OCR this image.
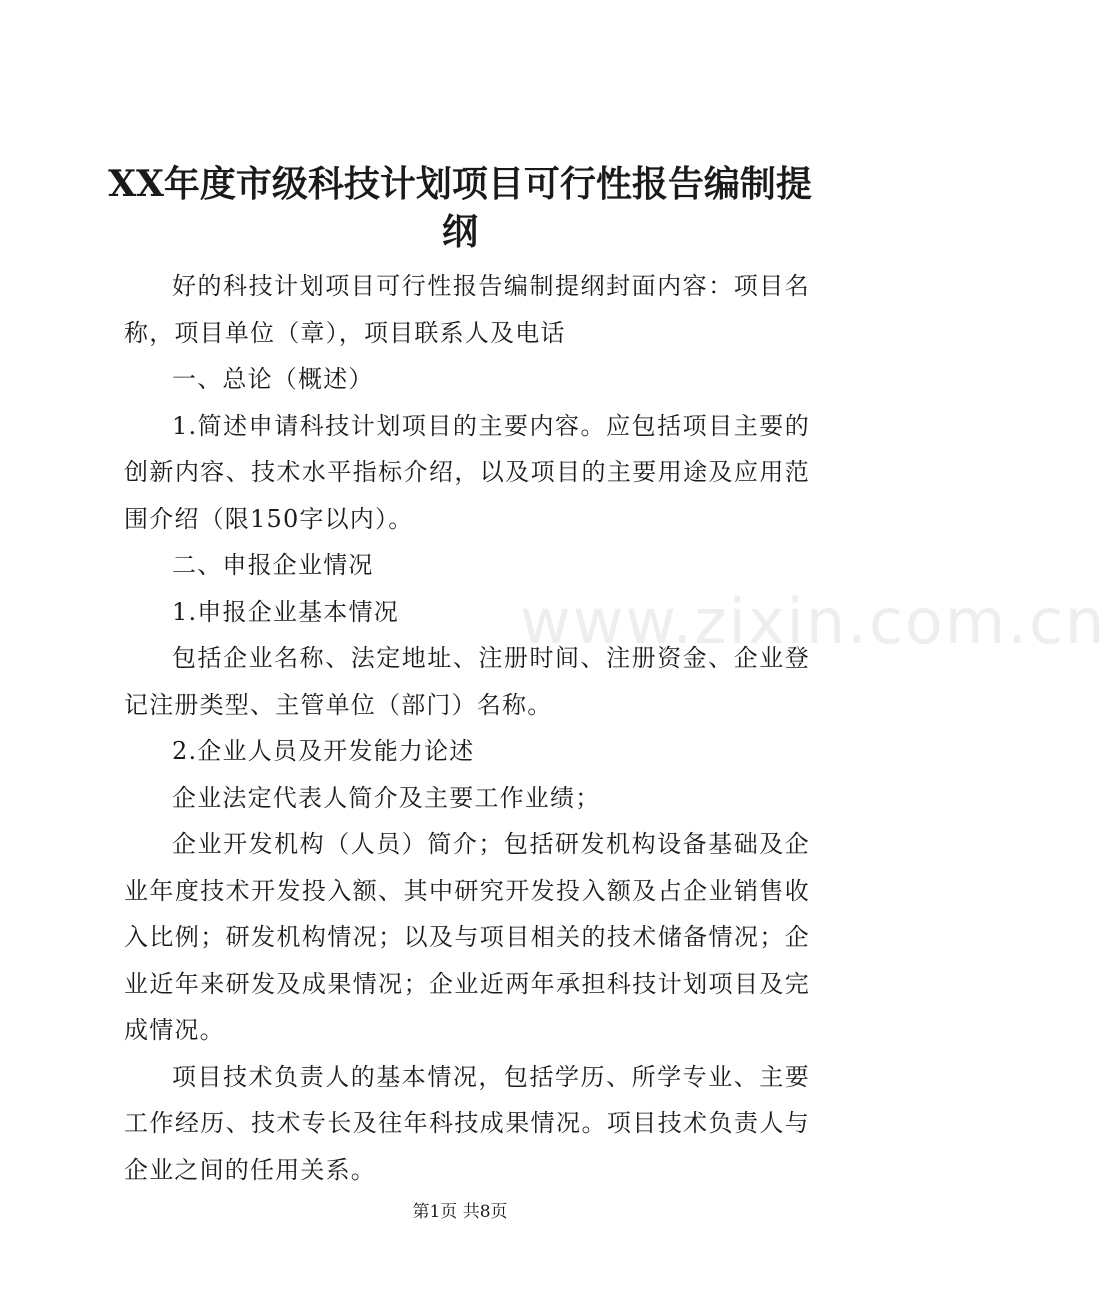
XX年度市级科技计划项目可行性报告编制提纲

好的科技计划项目可行性报告编制提纲封面内容：项目名称，项目单位（章），项目联系人及电话

一、总论（概述）

1.简述申请科技计划项目的主要内容。应包括项目主要的创新内容、技术水平指标介绍，以及项目的主要用途及应用范围介绍（限150字以内）。

二、申报企业情况

1.申报企业基本情况

包括企业名称、法定地址、注册时间、注册资金、企业登记注册类型、主管单位（部门）名称。

2.企业人员及开发能力论述

企业法定代表人简介及主要工作业绩；

企业开发机构（人员）简介；包括研发机构设备基础及企业年度技术开发投入额、其中研究开发投入额及占企业销售收入比例；研发机构情况；以及与项目相关的技术储备情况；企业近年来研发及成果情况；企业近两年承担科技计划项目及完成情况。

项目技术负责人的基本情况，包括学历、所学专业、主要工作经历、技术专长及往年科技成果情况。项目技术负责人与企业之间的任用关系。

www.zixin.com.cn
第1页 共8页
